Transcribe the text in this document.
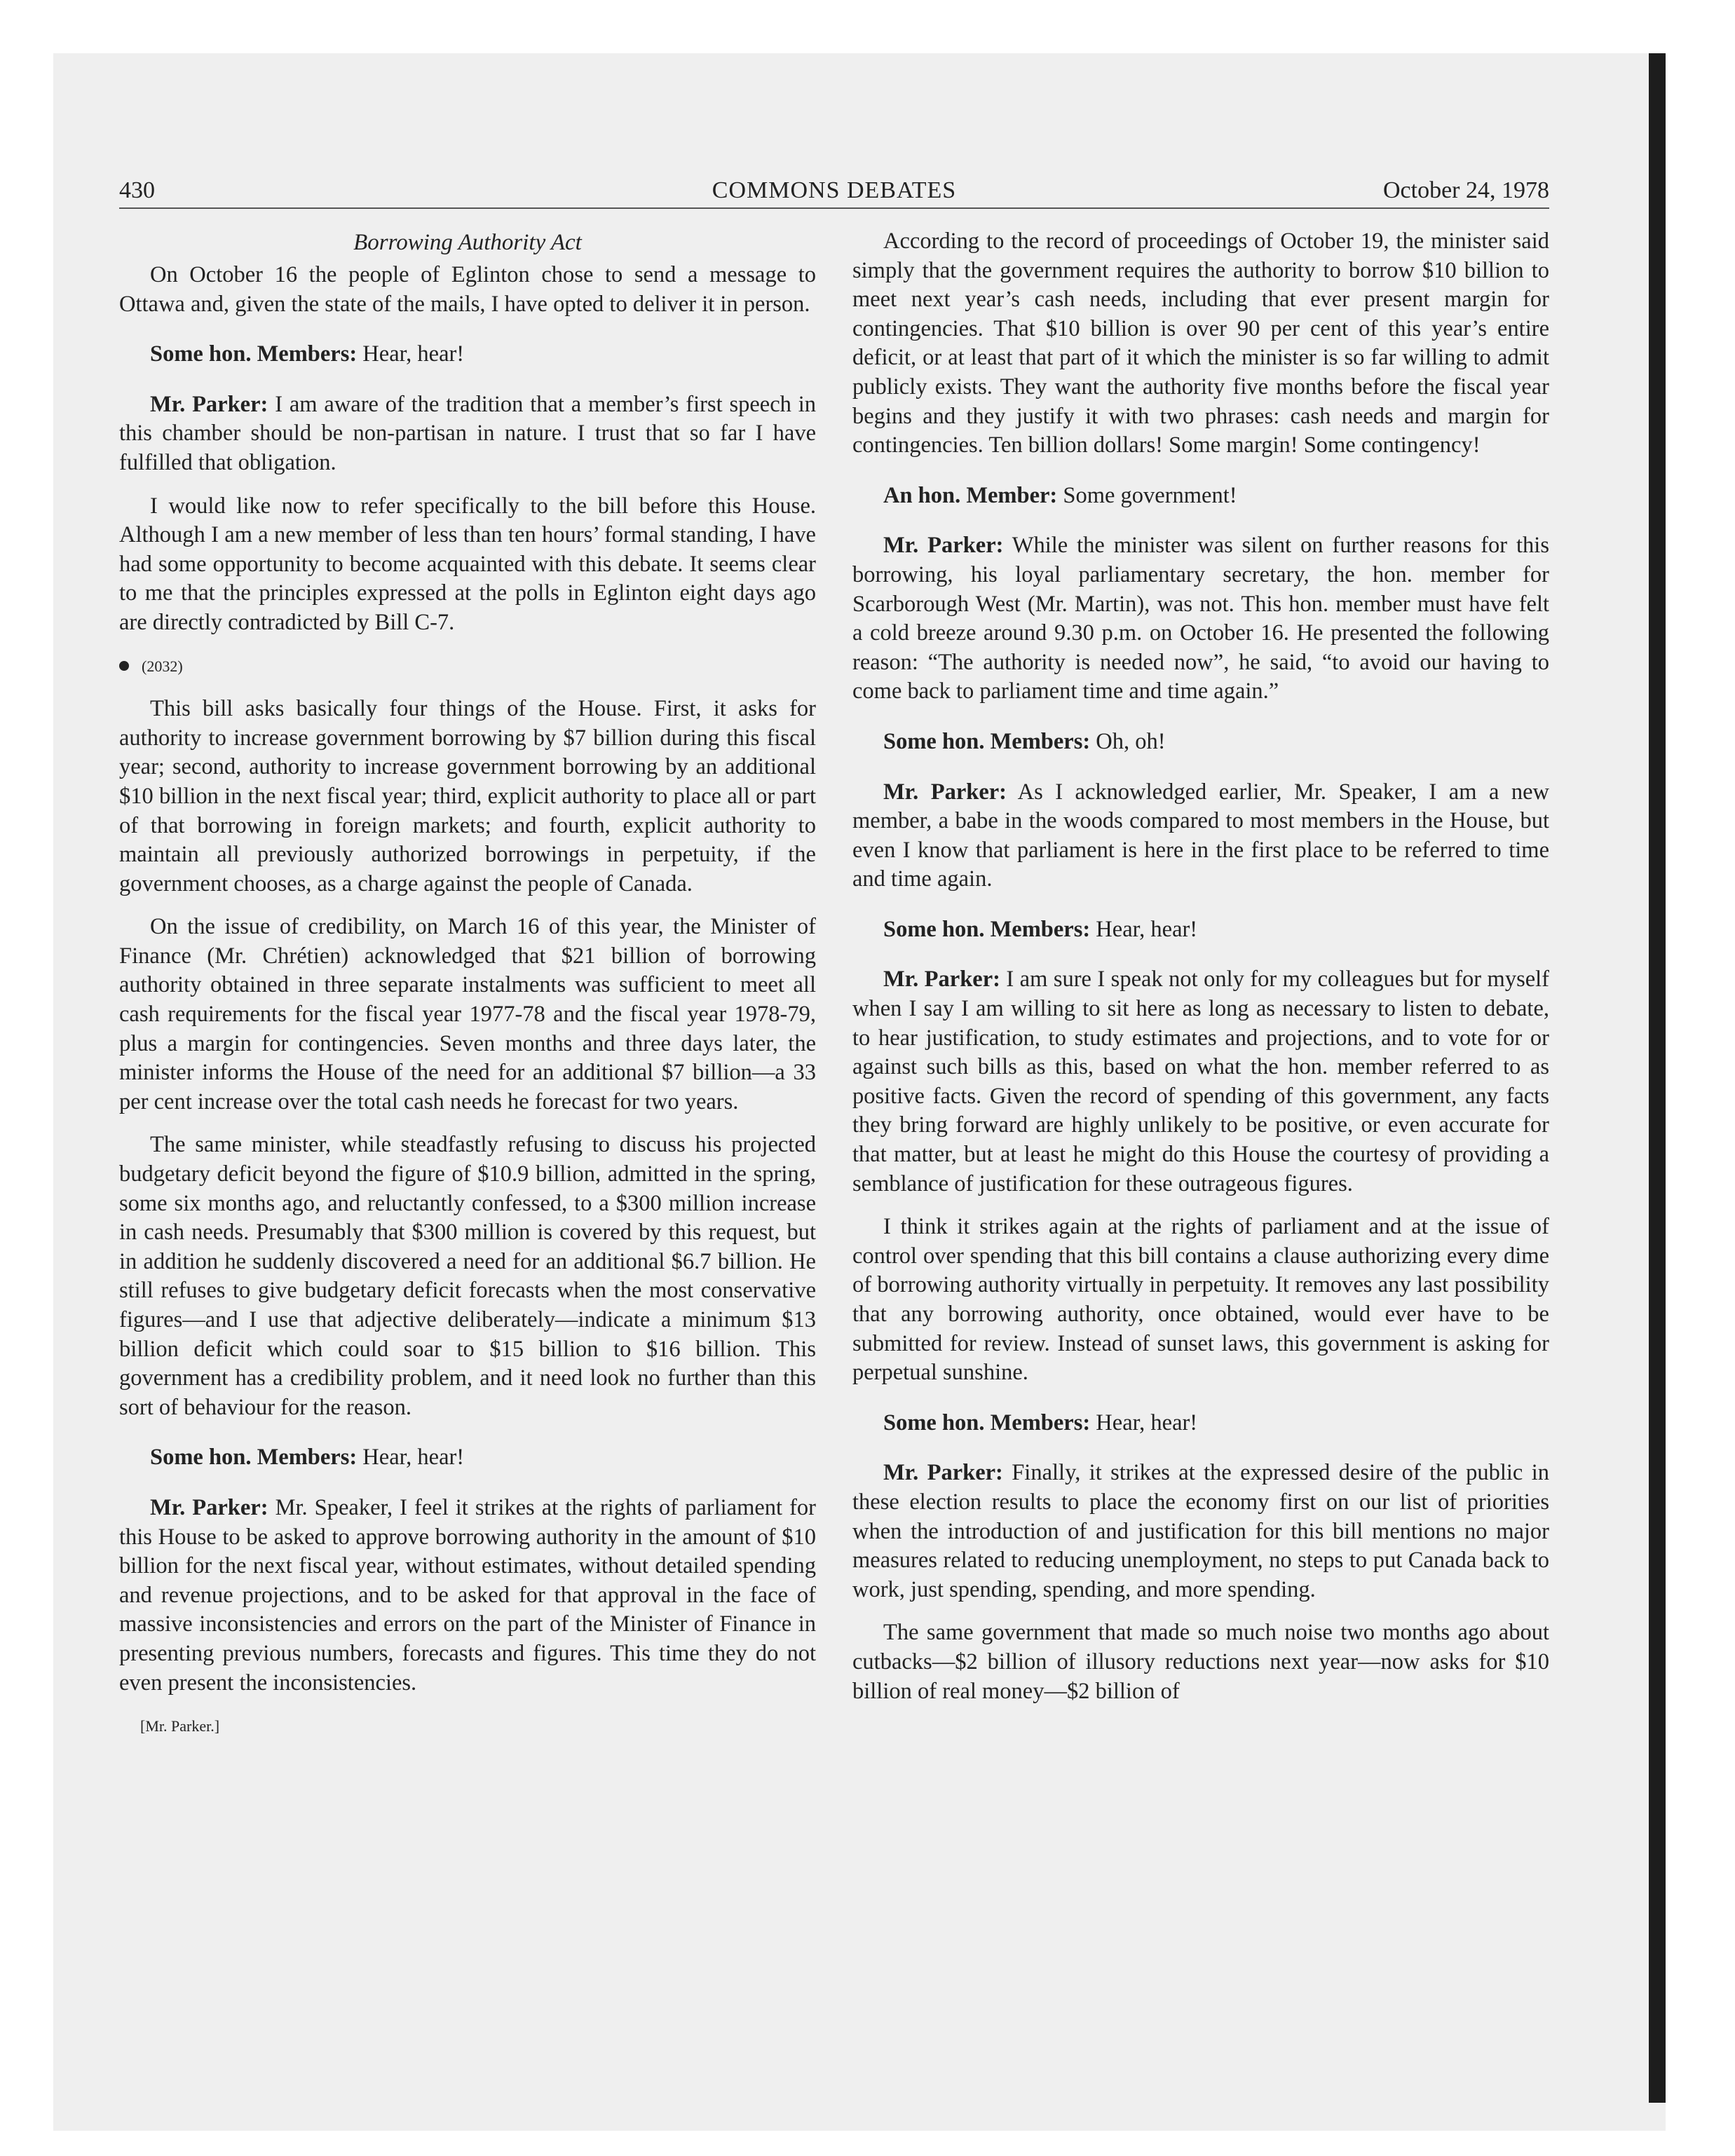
430	COMMONS DEBATES	October 24, 1978
Borrowing Authority Act

On October 16 the people of Eglinton chose to send a message to Ottawa and, given the state of the mails, I have opted to deliver it in person.

Some hon. Members: Hear, hear!

Mr. Parker: I am aware of the tradition that a member’s first speech in this chamber should be non-partisan in nature. I trust that so far I have fulfilled that obligation.

I would like now to refer specifically to the bill before this House. Although I am a new member of less than ten hours’ formal standing, I have had some opportunity to become acquainted with this debate. It seems clear to me that the principles expressed at the polls in Eglinton eight days ago are directly contradicted by Bill C-7.

(2032)

This bill asks basically four things of the House. First, it asks for authority to increase government borrowing by $7 billion during this fiscal year; second, authority to increase government borrowing by an additional $10 billion in the next fiscal year; third, explicit authority to place all or part of that borrowing in foreign markets; and fourth, explicit authority to maintain all previously authorized borrowings in perpetuity, if the government chooses, as a charge against the people of Canada.

On the issue of credibility, on March 16 of this year, the Minister of Finance (Mr. Chrétien) acknowledged that $21 billion of borrowing authority obtained in three separate instalments was sufficient to meet all cash requirements for the fiscal year 1977-78 and the fiscal year 1978-79, plus a margin for contingencies. Seven months and three days later, the minister informs the House of the need for an additional $7 billion—a 33 per cent increase over the total cash needs he forecast for two years.

The same minister, while steadfastly refusing to discuss his projected budgetary deficit beyond the figure of $10.9 billion, admitted in the spring, some six months ago, and reluctantly confessed, to a $300 million increase in cash needs. Presumably that $300 million is covered by this request, but in addition he suddenly discovered a need for an additional $6.7 billion. He still refuses to give budgetary deficit forecasts when the most conservative figures—and I use that adjective deliberately—indicate a minimum $13 billion deficit which could soar to $15 billion to $16 billion. This government has a credibility problem, and it need look no further than this sort of behaviour for the reason.

Some hon. Members: Hear, hear!

Mr. Parker: Mr. Speaker, I feel it strikes at the rights of parliament for this House to be asked to approve borrowing authority in the amount of $10 billion for the next fiscal year, without estimates, without detailed spending and revenue projections, and to be asked for that approval in the face of massive inconsistencies and errors on the part of the Minister of Finance in presenting previous numbers, forecasts and figures. This time they do not even present the inconsistencies.

[Mr. Parker.]

According to the record of proceedings of October 19, the minister said simply that the government requires the authority to borrow $10 billion to meet next year’s cash needs, including that ever present margin for contingencies. That $10 billion is over 90 per cent of this year’s entire deficit, or at least that part of it which the minister is so far willing to admit publicly exists. They want the authority five months before the fiscal year begins and they justify it with two phrases: cash needs and margin for contingencies. Ten billion dollars! Some margin! Some contingency!

An hon. Member: Some government!

Mr. Parker: While the minister was silent on further reasons for this borrowing, his loyal parliamentary secretary, the hon. member for Scarborough West (Mr. Martin), was not. This hon. member must have felt a cold breeze around 9.30 p.m. on October 16. He presented the following reason: “The authority is needed now”, he said, “to avoid our having to come back to parliament time and time again.”

Some hon. Members: Oh, oh!

Mr. Parker: As I acknowledged earlier, Mr. Speaker, I am a new member, a babe in the woods compared to most members in the House, but even I know that parliament is here in the first place to be referred to time and time again.

Some hon. Members: Hear, hear!

Mr. Parker: I am sure I speak not only for my colleagues but for myself when I say I am willing to sit here as long as necessary to listen to debate, to hear justification, to study estimates and projections, and to vote for or against such bills as this, based on what the hon. member referred to as positive facts. Given the record of spending of this government, any facts they bring forward are highly unlikely to be positive, or even accurate for that matter, but at least he might do this House the courtesy of providing a semblance of justification for these outrageous figures.

I think it strikes again at the rights of parliament and at the issue of control over spending that this bill contains a clause authorizing every dime of borrowing authority virtually in perpetuity. It removes any last possibility that any borrowing authority, once obtained, would ever have to be submitted for review. Instead of sunset laws, this government is asking for perpetual sunshine.

Some hon. Members: Hear, hear!

Mr. Parker: Finally, it strikes at the expressed desire of the public in these election results to place the economy first on our list of priorities when the introduction of and justification for this bill mentions no major measures related to reducing unemployment, no steps to put Canada back to work, just spending, spending, and more spending.

The same government that made so much noise two months ago about cutbacks—$2 billion of illusory reductions next year—now asks for $10 billion of real money—$2 billion of
